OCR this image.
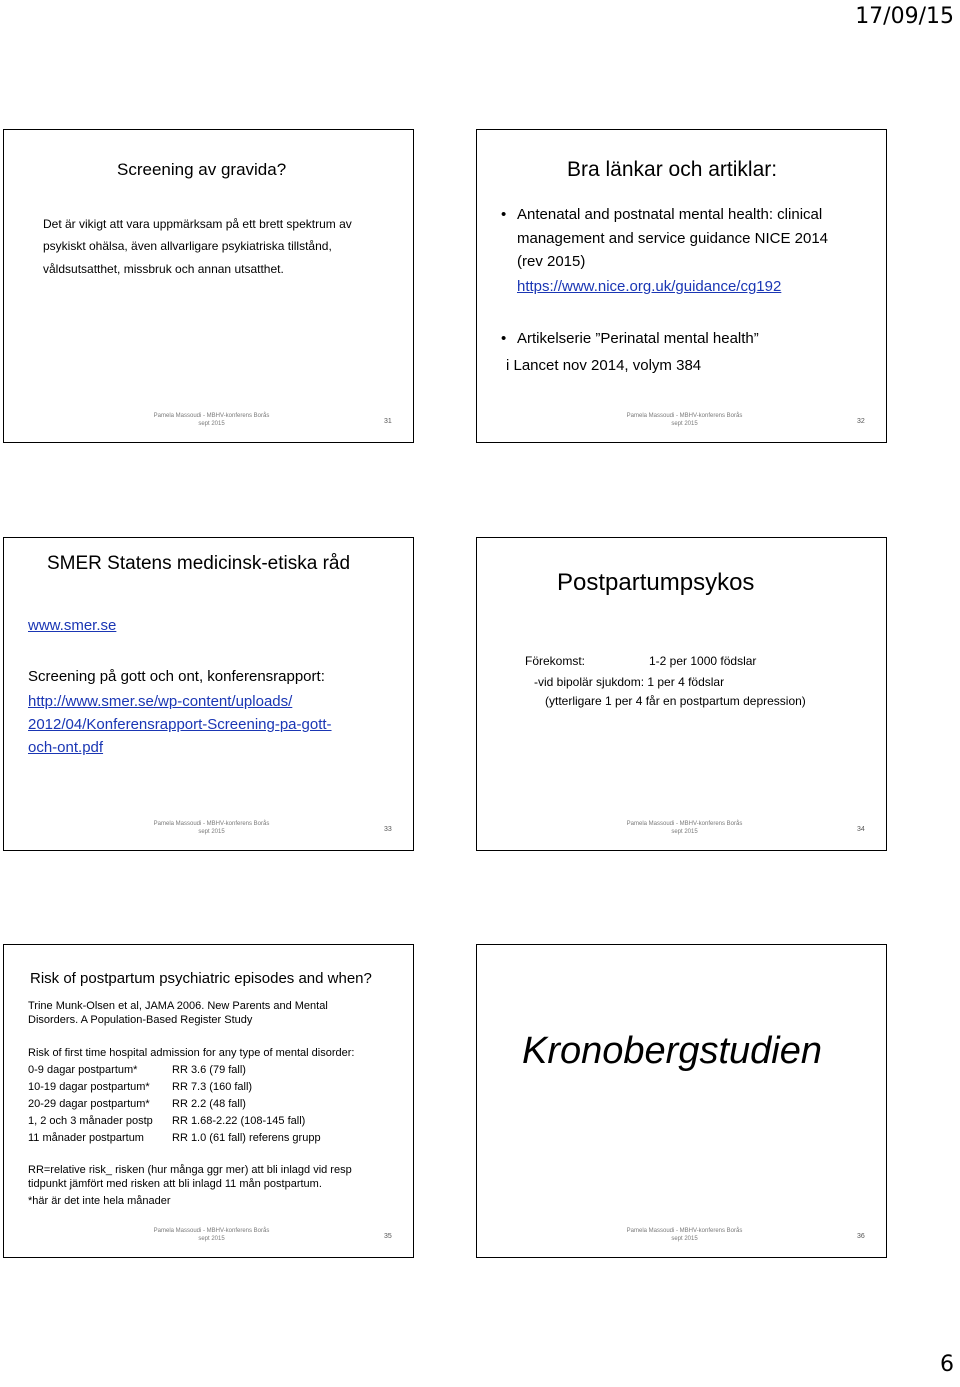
17/09/15
Screening av gravida?
Det är vikigt att vara uppmärksam på ett brett spektrum av
psykiskt ohälsa, även allvarligare psykiatriska tillstånd,
våldsutsatthet, missbruk och annan utsatthet.
Pamela Massoudi - MBHV-konferens Borås
sept 2015	31
Bra länkar och artiklar:
• Antenatal and postnatal mental health: clinical
management and service guidance NICE 2014
(rev 2015)
https://www.nice.org.uk/guidance/cg192
• Artikelserie ”Perinatal mental health”
i Lancet nov 2014, volym 384
Pamela Massoudi - MBHV-konferens Borås
sept 2015	32
SMER Statens medicinsk-etiska råd
www.smer.se
Screening på gott och ont, konferensrapport:
http://www.smer.se/wp-content/uploads/
2012/04/Konferensrapport-Screening-pa-gott-
och-ont.pdf
Pamela Massoudi - MBHV-konferens Borås
sept 2015	33
Postpartumpsykos
Förekomst:	1-2 per 1000 födslar
-vid bipolär sjukdom: 1 per 4 födslar
(ytterligare 1 per 4 får en postpartum depression)
Pamela Massoudi - MBHV-konferens Borås
sept 2015	34
Risk of postpartum psychiatric episodes and when?
Trine Munk-Olsen et al, JAMA 2006. New Parents and Mental
Disorders. A Population-Based Register Study
Risk of first time hospital admission for any type of mental disorder:
0-9 dagar postpartum*	RR 3.6 (79 fall)
10-19 dagar postpartum* RR 7.3 (160 fall)
20-29 dagar postpartum* RR 2.2 (48 fall)
1, 2 och 3 månader postp RR 1.68-2.22 (108-145 fall)
11 månader postpartum	RR 1.0 (61 fall) referens grupp
RR=relative risk_ risken (hur många ggr mer) att bli inlagd vid resp
tidpunkt jämfört med risken att bli inlagd 11 mån postpartum.
*här är det inte hela månader
Pamela Massoudi - MBHV-konferens Borås
sept 2015	35
Kronobergstudien
Pamela Massoudi - MBHV-konferens Borås
sept 2015	36
6
